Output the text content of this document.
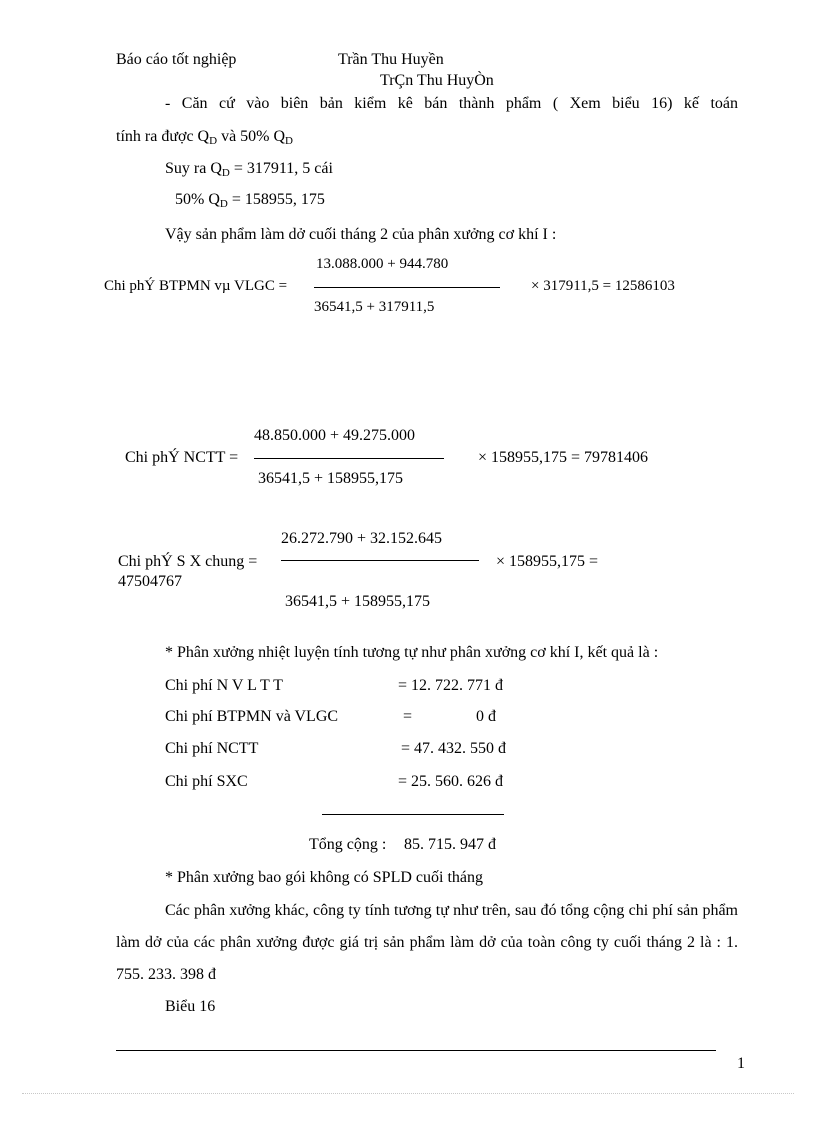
Báo cáo tốt nghiệp	Trần Thu Huyền
TrÇn Thu HuyÒn
- Căn cứ vào biên bản kiểm kê bán thành phẩm ( Xem biểu 16) kế toán
tính ra được $Q_D$ và 50% $Q_D$
Suy ra $Q_D = 317911$, 5 cái
50% $Q_D = 158955$, 175
Vậy sản phẩm làm dở cuối tháng 2 của phân xưởng cơ khí I :
13.088.000 + 944.780
Chi phÝ BTPMN vµ VLGC =	× 317911,5 = 12586103
36541,5 + 317911,5
48.850.000 + 49.275.000
Chi phÝ NCTT =	× 158955,175 = 79781406
36541,5 + 158955,175
26.272.790 + 32.152.645
Chi phÝ S X chung =	× 158955,175 =
47504767
36541,5 + 158955,175
* Phân xưởng nhiệt luyện tính tương tự như phân xưởng cơ khí I, kết quả là :
Chi phí N V L T T	= 12. 722. 771 đ
Chi phí BTPMN và VLGC	=                0 đ
Chi phí NCTT	= 47. 432. 550 đ
Chi phí SXC	= 25. 560. 626 đ
Tổng cộng : 85. 715. 947 đ
* Phân xưởng bao gói không có SPLD cuối tháng
Các phân xưởng khác, công ty tính tương tự như trên, sau đó tổng cộng chi phí sản phẩm làm dở của các phân xưởng được giá trị sản phẩm làm dở của toàn công ty cuối tháng 2 là : 1. 755. 233. 398 đ
Biểu 16
1
